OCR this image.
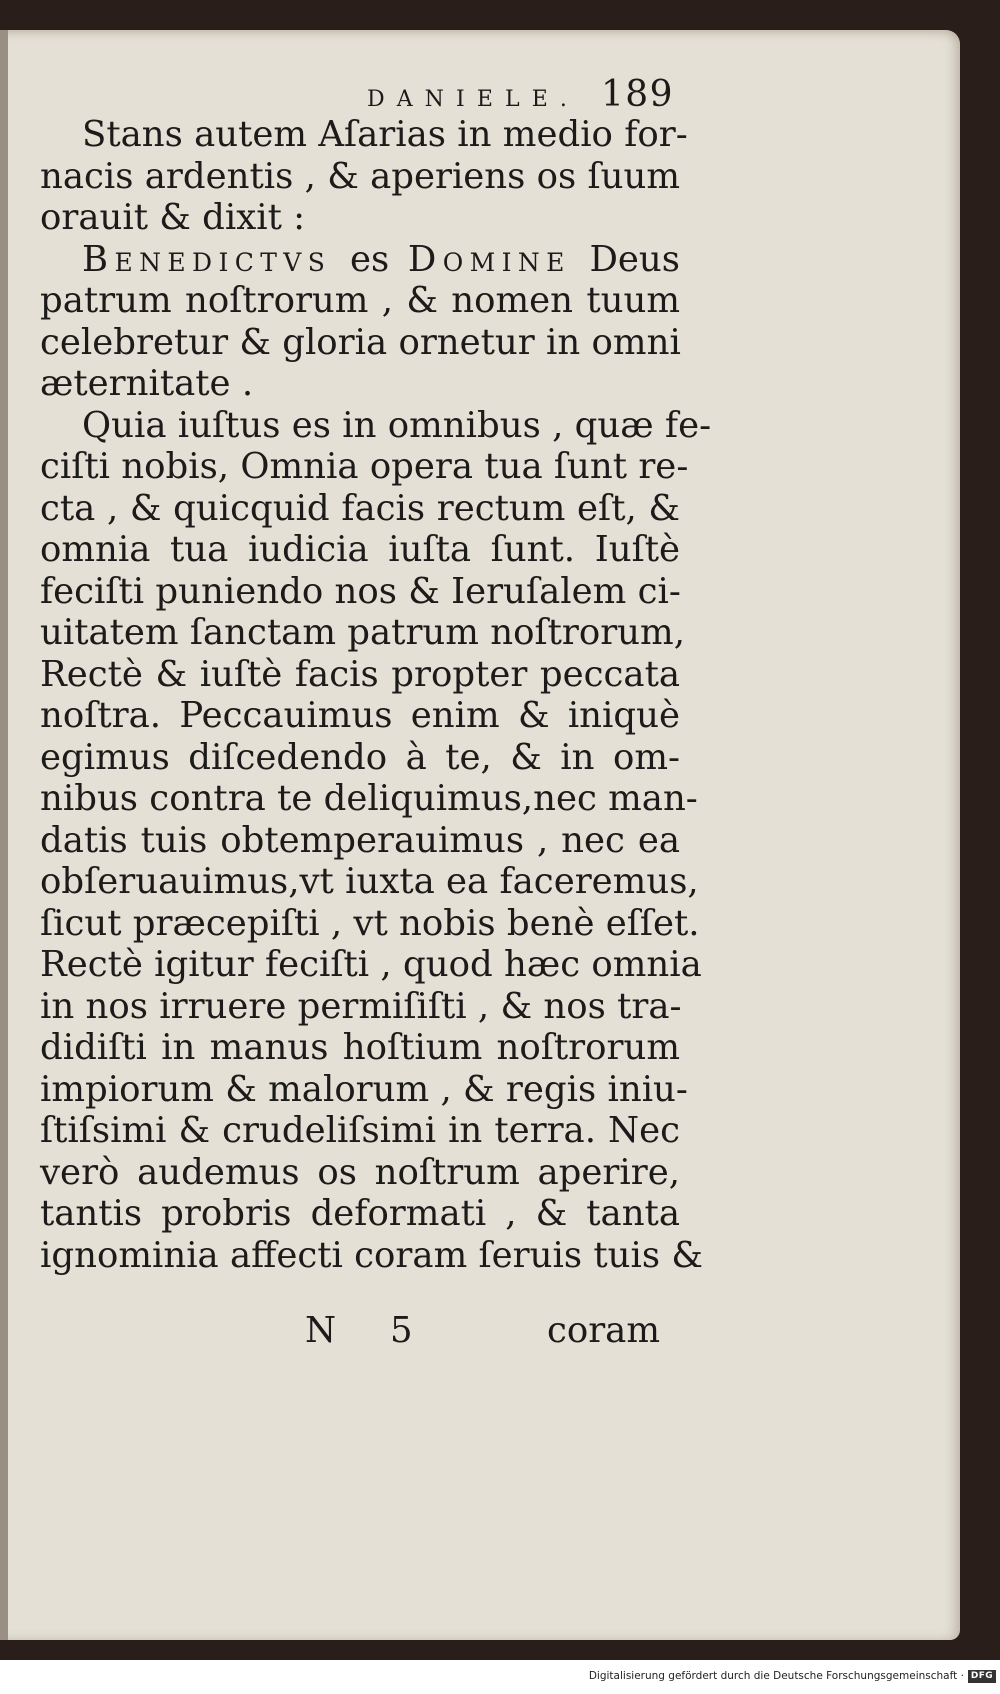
DANIELE. 189

Stans autem Aſarias in medio for-
nacis ardentis , & aperiens os ſuum
orauit & dixit :

Benedictvs es Domine Deus
patrum noſtrorum , & nomen tuum
celebretur & gloria ornetur in omni
æternitate .

Quia iuſtus es in omnibus , quæ fe-
ciſti nobis, Omnia opera tua ſunt re-
cta , & quicquid facis rectum eſt, &
omnia tua iudicia iuſta ſunt. Iuſtè
feciſti puniendo nos & Ieruſalem ci-
uitatem ſanctam patrum noſtrorum,
Rectè & iuſtè facis propter peccata
noſtra. Peccauimus enim & iniquè
egimus diſcedendo à te, & in om-
nibus contra te deliquimus,nec man-
datis tuis obtemperauimus , nec ea
obſeruauimus,vt iuxta ea faceremus,
ſicut præcepiſti , vt nobis benè eſſet.
Rectè igitur feciſti , quod hæc omnia
in nos irruere permiſiſti , & nos tra-
didiſti in manus hoſtium noſtrorum
impiorum & malorum , & regis iniu-
ſtiſsimi & crudeliſsimi in terra. Nec
verò audemus os noſtrum aperire,
tantis probris deformati , & tanta
ignominia affecti coram ſeruis tuis &

N 5	coram
Digitalisierung gefördert durch die Deutsche Forschungsgemeinschaft · DFG
